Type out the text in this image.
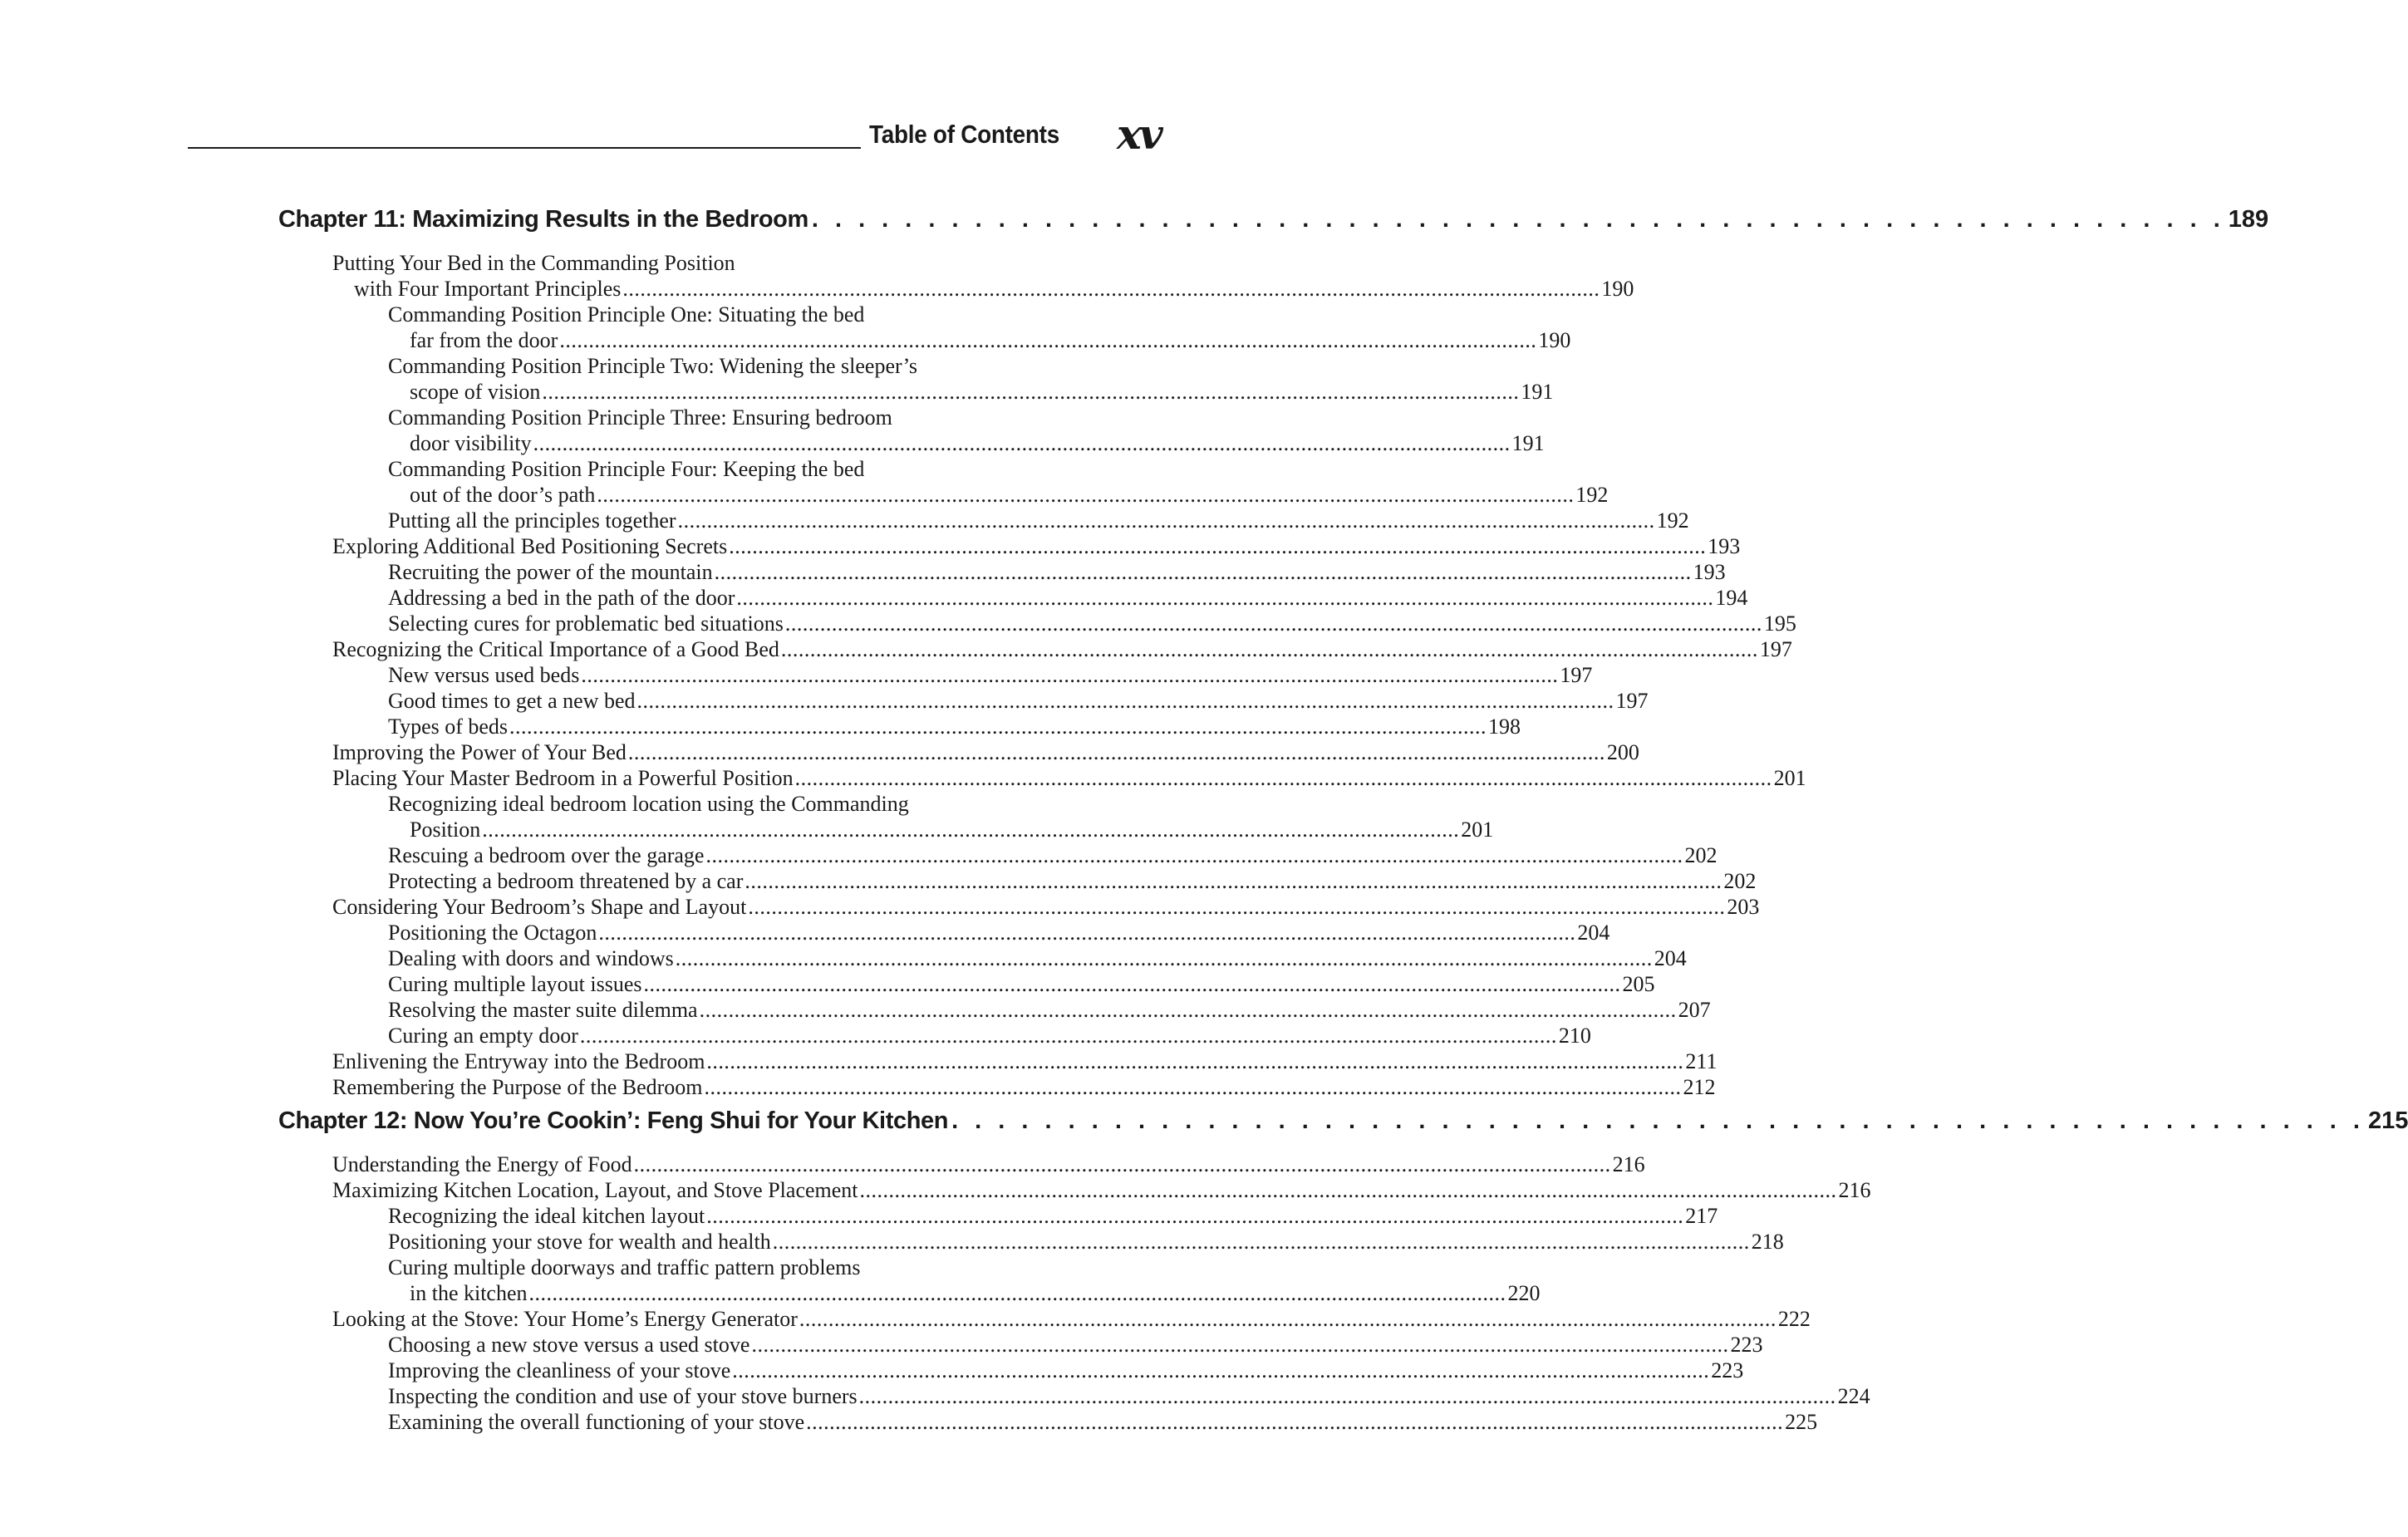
Table of Contents xv
Chapter 11: Maximizing Results in the Bedroom . . .	189
Putting Your Bed in the Commanding Position
with Four Important Principles .....	190
Commanding Position Principle One: Situating the bed
far from the door .....	190
Commanding Position Principle Two: Widening the sleeper’s
scope of vision .....	191
Commanding Position Principle Three: Ensuring bedroom
door visibility .....	191
Commanding Position Principle Four: Keeping the bed
out of the door’s path .....	192
Putting all the principles together .....	192
Exploring Additional Bed Positioning Secrets .....	193
Recruiting the power of the mountain .....	193
Addressing a bed in the path of the door .....	194
Selecting cures for problematic bed situations .....	195
Recognizing the Critical Importance of a Good Bed .....	197
New versus used beds .....	197
Good times to get a new bed .....	197
Types of beds .....	198
Improving the Power of Your Bed .....	200
Placing Your Master Bedroom in a Powerful Position .....	201
Recognizing ideal bedroom location using the Commanding
Position .....	201
Rescuing a bedroom over the garage .....	202
Protecting a bedroom threatened by a car .....	202
Considering Your Bedroom’s Shape and Layout .....	203
Positioning the Octagon .....	204
Dealing with doors and windows .....	204
Curing multiple layout issues .....	205
Resolving the master suite dilemma .....	207
Curing an empty door .....	210
Enlivening the Entryway into the Bedroom .....	211
Remembering the Purpose of the Bedroom .....	212
Chapter 12: Now You’re Cookin’: Feng Shui for Your Kitchen . . .	215
Understanding the Energy of Food .....	216
Maximizing Kitchen Location, Layout, and Stove Placement .....	216
Recognizing the ideal kitchen layout .....	217
Positioning your stove for wealth and health .....	218
Curing multiple doorways and traffic pattern problems
in the kitchen .....	220
Looking at the Stove: Your Home’s Energy Generator .....	222
Choosing a new stove versus a used stove .....	223
Improving the cleanliness of your stove .....	223
Inspecting the condition and use of your stove burners .....	224
Examining the overall functioning of your stove .....	225
